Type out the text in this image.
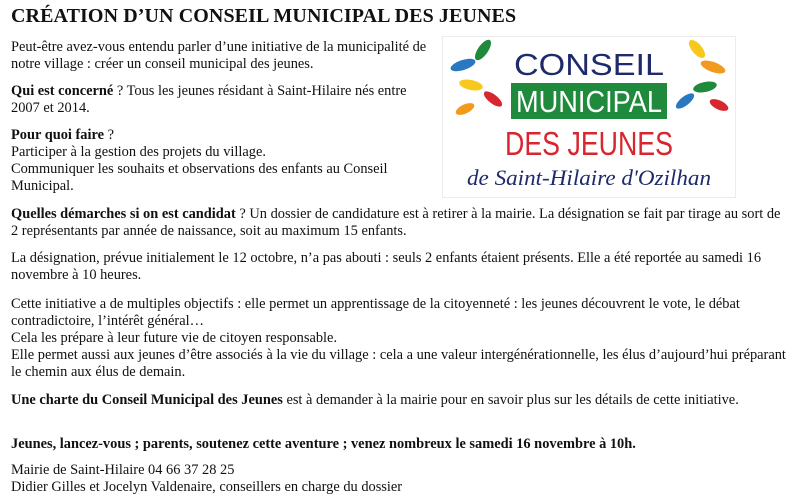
CRÉATION D’UN CONSEIL MUNICIPAL DES JEUNES
Peut-être avez-vous entendu parler d’une initiative de la municipalité de notre village : créer un conseil municipal des jeunes.
Qui est concerné ? Tous les jeunes résidant à Saint-Hilaire nés entre 2007 et 2014.
Pour quoi faire ?
Participer à la gestion des projets du village.
Communiquer les souhaits et observations des enfants au Conseil Municipal.
CONSEIL
MUNICIPAL
DES JEUNES
de Saint-Hilaire d'Ozilhan
Quelles démarches si on est candidat ? Un dossier de candidature est à retirer à la mairie. La désignation se fait par tirage au sort de 2 représentants par année de naissance, soit au maximum 15 enfants.
La désignation, prévue initialement le 12 octobre, n’a pas abouti : seuls 2 enfants étaient présents. Elle a été reportée au samedi 16 novembre à 10 heures.
Cette initiative a de multiples objectifs : elle permet un apprentissage de la citoyenneté : les jeunes découvrent le vote, le débat contradictoire, l’intérêt général…
Cela les prépare à leur future vie de citoyen responsable.
Elle permet aussi aux jeunes d’être associés à la vie du village : cela a une valeur intergénérationnelle, les élus d’aujourd’hui préparant le chemin aux élus de demain.
Une charte du Conseil Municipal des Jeunes est à demander à la mairie pour en savoir plus sur les détails de cette initiative.
Jeunes, lancez-vous ; parents, soutenez cette aventure ; venez nombreux le samedi 16 novembre à 10h.
Mairie de Saint-Hilaire 04 66 37 28 25
Didier Gilles et Jocelyn Valdenaire, conseillers en charge du dossier
